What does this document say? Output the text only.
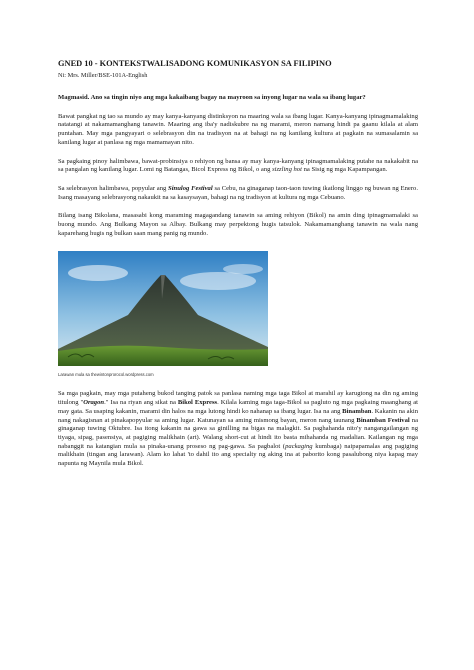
GNED 10 - KONTEKSTWALISADONG KOMUNIKASYON SA FILIPINO

Ni: Mrs. Miller/BSE-101A-English

Magmasid. Ano sa tingin niyo ang mga kakaibang bagay na mayroon sa inyong lugar na wala sa ibang lugar?

Bawat pangkat ng tao sa mundo ay may kanya-kanyang distinksyon na maaring wala sa ibang lugar. Kanya-kanyang ipinagmamalaking natatangi at nakamamanghang tanawin. Maaring ang iba'y nadiskubre na ng marami, meron namang hindi pa gaanu kilala at alam puntahan. May mga pangyayari o selebrasyon din na tradisyon na at bahagi na ng kanilang kultura at pagkain na sumasalamin sa kanilang lugar at panlasa ng mga mamamayan nito.

Sa pagkaing pinoy halimbawa, bawat-probinsiya o rehiyon ng bansa ay may kanya-kanyang ipinagmamalaking putahe na nakakabit na sa pangalan ng kanilang lugar. Lomi ng Batangas, Bicol Express ng Bikol, o ang sizzling hot na Sisig ng mga Kapampangan.

Sa selebrasyon halimbawa, popyular ang Sinulog Festival sa Cebu, na ginaganap taon-taon tuwing ikatlong linggo ng buwan ng Enero. Isang masayang selebrasyong nakaukit na sa kasaysayan, bahagi na ng tradisyon at kultura ng mga Cebuano.

Bilang isang Bikolana, masasabi kong maraming magagandang tanawin sa aming rehiyon (Bikol) na amin ding ipinagmamalaki sa buong mundo. Ang Bulkang Mayon sa Albay. Bulkang may perpektong hugis tatsulok. Nakamamanghang tanawin na wala nang kaparehang hugis ng bulkan saan mang panig ng mundo.

Larawan mula sa thewintonprorocol.wordpress.com

Sa mga pagkain, may mga putaheng bukod tanging patok sa panlasa naming mga taga Bikol at marahil ay karugtong na din ng aming titulong "Oragon." Isa na riyan ang sikat na Bikol Express. Kilala kaming mga taga-Bikol sa pagluto ng mga pagkaing maanghang at may gata. Sa usaping kakanin, marami din halos na mga lutong hindi ko nahanap sa ibang lugar. Isa na ang Binamban. Kakanin na akin nang nakagisnan at pinakapopyular sa aming lugar. Katunayan sa aming mismong bayan, meron nang taunang Binamban Festival na ginaganap tuwing Oktubre. Isa itong kakanin na gawa sa ginilling na bigas na malagkit. Sa paghahanda nito'y nangangailangan ng tiyaga, sipag, pasensiya, at pagiging malikhain (art). Walang short-cut at hindi ito basta mihahanda ng madalian. Kailangan ng mga nabanggit na katangian mula sa pinaka-unang proseso ng pag-gawa. Sa pagbalot (packaging kumbaga) naipapamalas ang pagiging malikhain (tingan ang larawan). Alam ko lahat 'to dahil ito ang specialty ng aking ina at paborito kong pasalubong niya kapag may napunta ng Maynila mula Bikol.
